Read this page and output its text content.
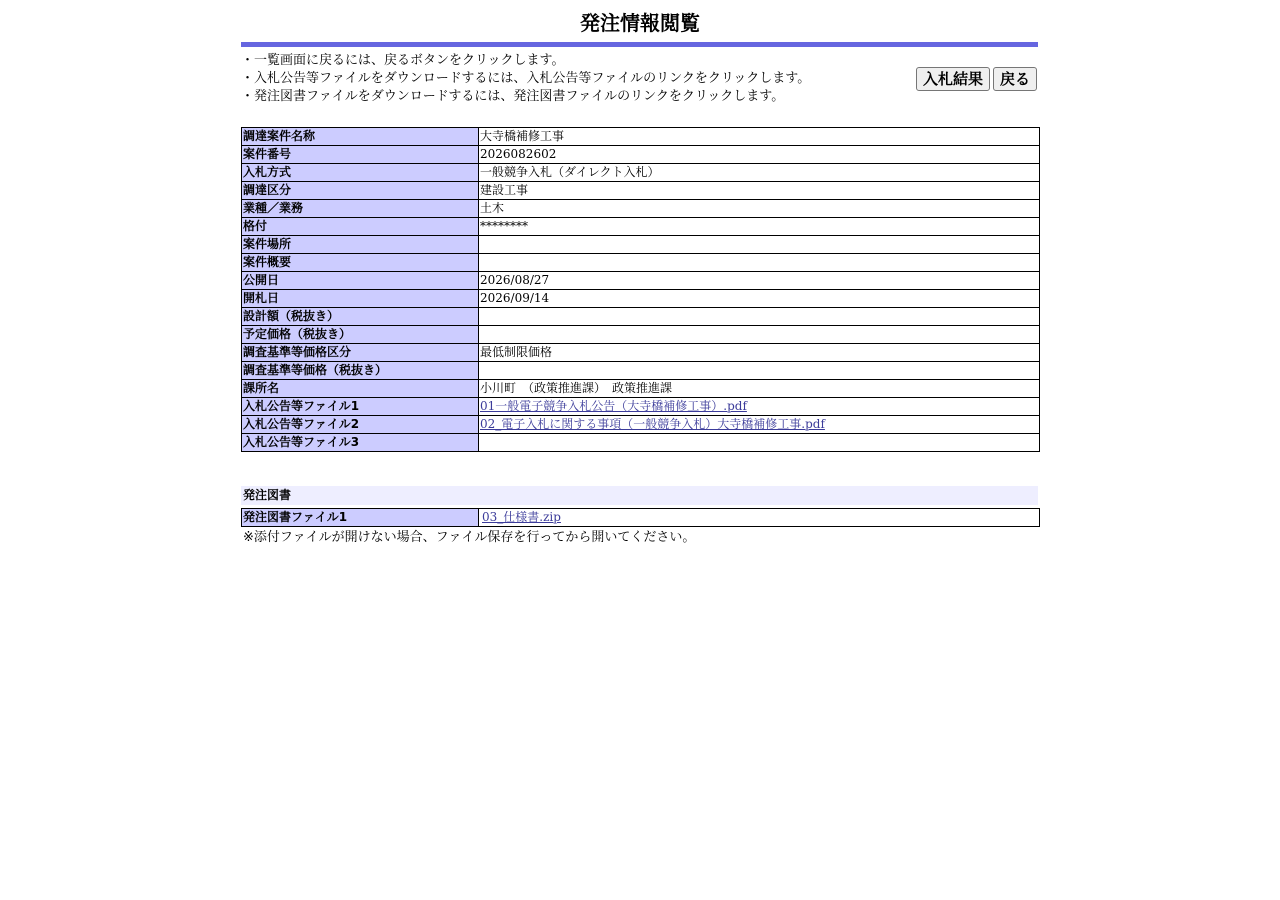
発注情報閲覧
・一覧画面に戻るには、戻るボタンをクリックします。
・入札公告等ファイルをダウンロードするには、入札公告等ファイルのリンクをクリックします。
・発注図書ファイルをダウンロードするには、発注図書ファイルのリンクをクリックします。
入札結果	戻る
調達案件名称	大寺橋補修工事
案件番号	2026082602
入札方式	一般競争入札（ダイレクト入札）
調達区分	建設工事
業種／業務	土木
格付	********
案件場所	
案件概要	
公開日	2026/08/27
開札日	2026/09/14
設計額（税抜き）	
予定価格（税抜き）	
調査基準等価格区分	最低制限価格
調査基準等価格（税抜き）	
課所名	小川町　（政策推進課）　政策推進課
入札公告等ファイル1	01一般電子競争入札公告（大寺橋補修工事）.pdf
入札公告等ファイル2	02_電子入札に関する事項（一般競争入札）大寺橋補修工事.pdf
入札公告等ファイル3	
発注図書
発注図書ファイル1	03_仕様書.zip
※添付ファイルが開けない場合、ファイル保存を行ってから開いてください。
